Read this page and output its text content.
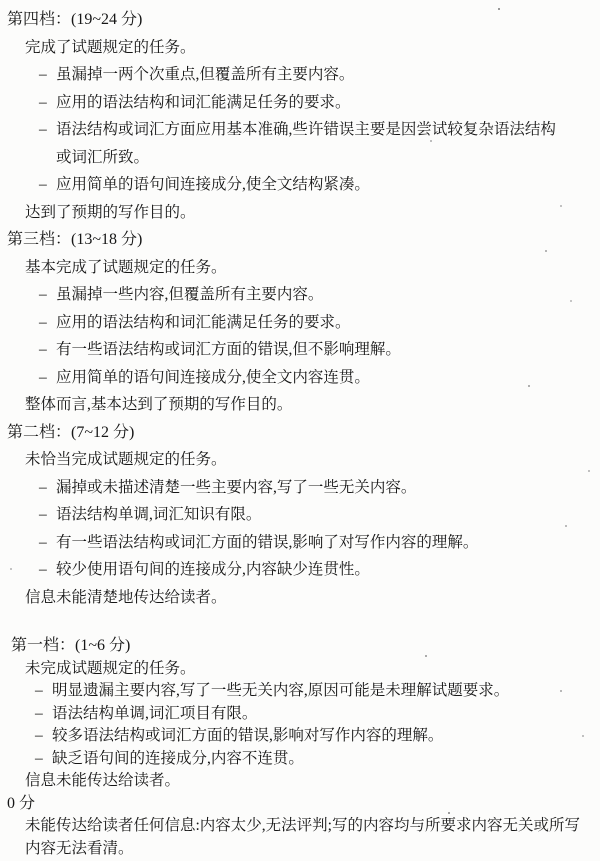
第四档：(19~24 分)

完成了试题规定的任务。

– 虽漏掉一两个次重点,但覆盖所有主要内容。
– 应用的语法结构和词汇能满足任务的要求。
– 语法结构或词汇方面应用基本准确,些许错误主要是因尝试较复杂语法结构或词汇所致。
– 应用简单的语句间连接成分,使全文结构紧凑。

达到了预期的写作目的。

第三档：(13~18 分)

基本完成了试题规定的任务。

– 虽漏掉一些内容,但覆盖所有主要内容。
– 应用的语法结构和词汇能满足任务的要求。
– 有一些语法结构或词汇方面的错误,但不影响理解。
– 应用简单的语句间连接成分,使全文内容连贯。

整体而言,基本达到了预期的写作目的。

第二档：(7~12 分)

未恰当完成试题规定的任务。

– 漏掉或未描述清楚一些主要内容,写了一些无关内容。
– 语法结构单调,词汇知识有限。
– 有一些语法结构或词汇方面的错误,影响了对写作内容的理解。
– 较少使用语句间的连接成分,内容缺少连贯性。

信息未能清楚地传达给读者。

第一档：(1~6 分)

未完成试题规定的任务。

– 明显遗漏主要内容,写了一些无关内容,原因可能是未理解试题要求。
– 语法结构单调,词汇项目有限。
– 较多语法结构或词汇方面的错误,影响对写作内容的理解。
– 缺乏语句间的连接成分,内容不连贯。

信息未能传达给读者。

0 分

未能传达给读者任何信息:内容太少,无法评判;写的内容均与所要求内容无关或所写内容无法看清。
